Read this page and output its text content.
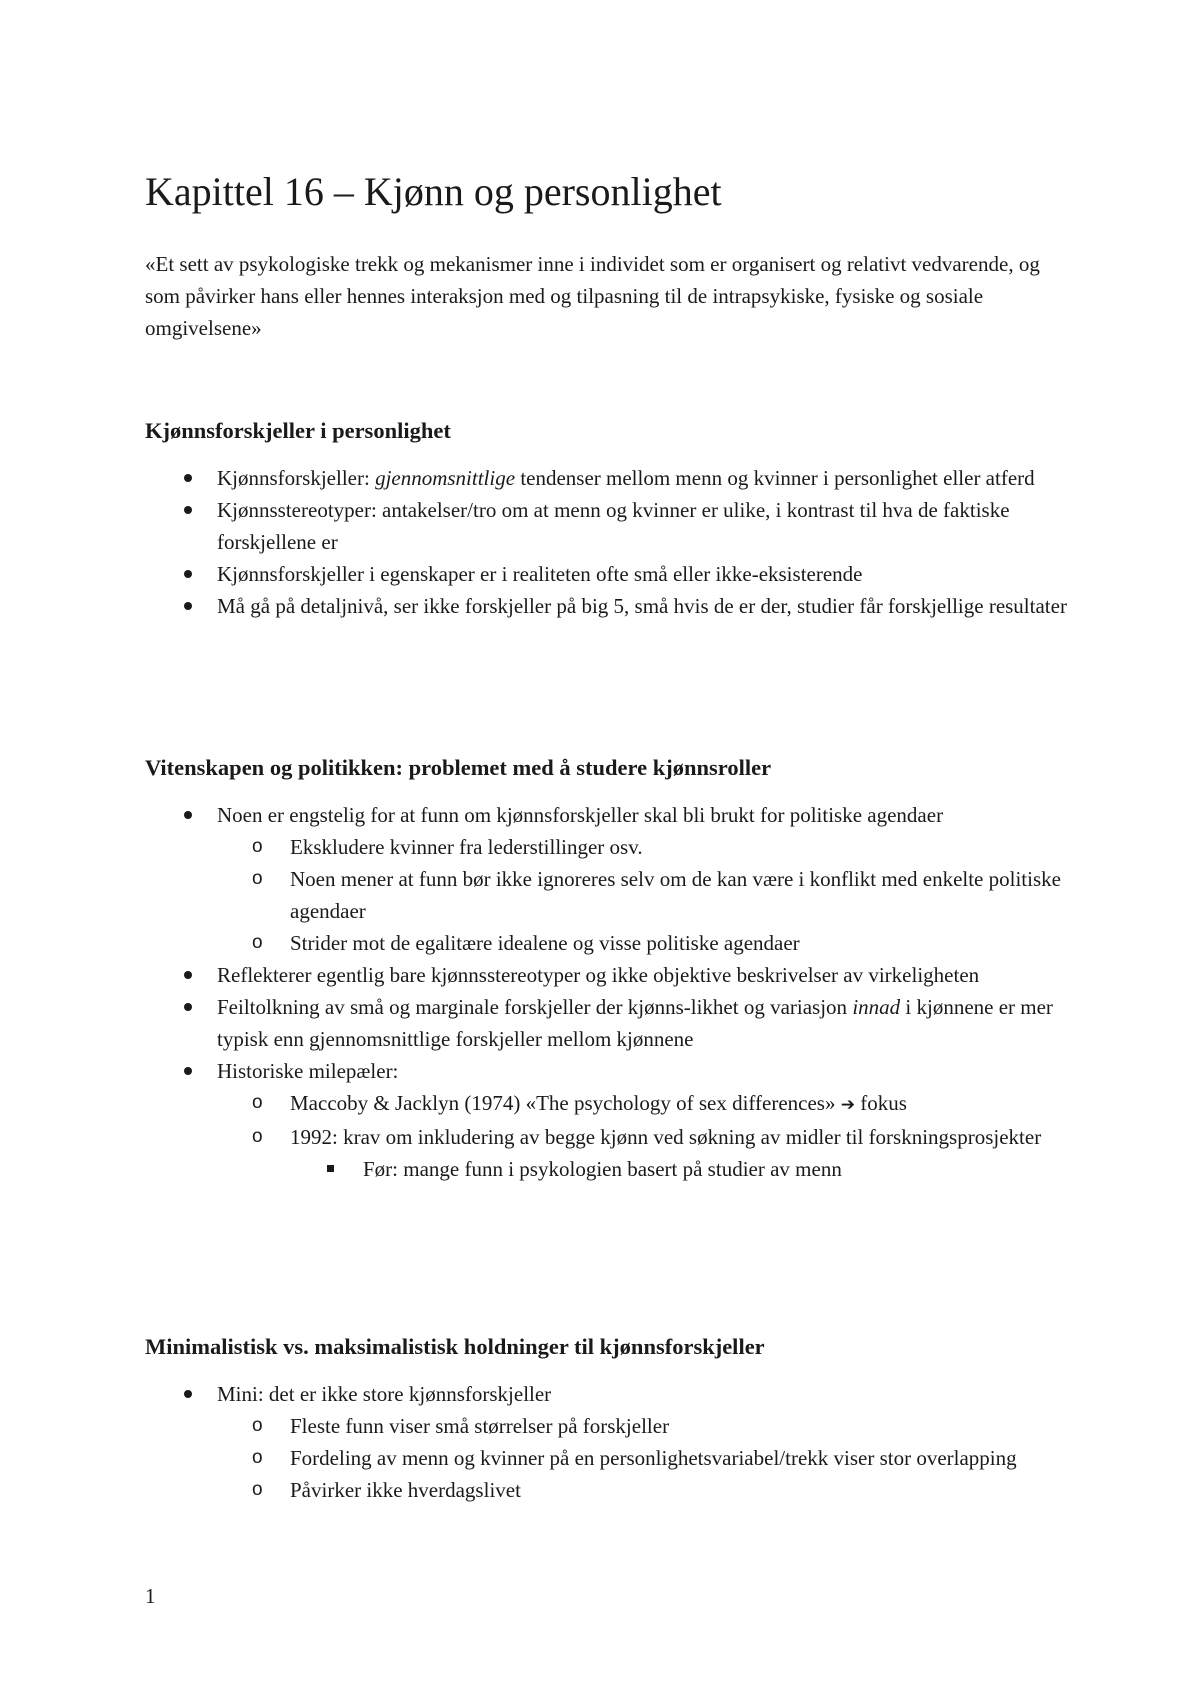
Kapittel 16 – Kjønn og personlighet

«Et sett av psykologiske trekk og mekanismer inne i individet som er organisert og relativt vedvarende, og som påvirker hans eller hennes interaksjon med og tilpasning til de intrapsykiske, fysiske og sosiale omgivelsene»

Kjønnsforskjeller i personlighet
Kjønnsforskjeller: gjennomsnittlige tendenser mellom menn og kvinner i personlighet eller atferd
Kjønnsstereotyper: antakelser/tro om at menn og kvinner er ulike, i kontrast til hva de faktiske forskjellene er
Kjønnsforskjeller i egenskaper er i realiteten ofte små eller ikke-eksisterende
Må gå på detaljnivå, ser ikke forskjeller på big 5, små hvis de er der, studier får forskjellige resultater
Vitenskapen og politikken: problemet med å studere kjønnsroller
Noen er engstelig for at funn om kjønnsforskjeller skal bli brukt for politiske agendaer
o Ekskludere kvinner fra lederstillinger osv.
o Noen mener at funn bør ikke ignoreres selv om de kan være i konflikt med enkelte politiske agendaer
o Strider mot de egalitære idealene og visse politiske agendaer
Reflekterer egentlig bare kjønnsstereotyper og ikke objektive beskrivelser av virkeligheten
Feiltolkning av små og marginale forskjeller der kjønns-likhet og variasjon innad i kjønnene er mer typisk enn gjennomsnittlige forskjeller mellom kjønnene
Historiske milepæler:
o Maccoby & Jacklyn (1974) «The psychology of sex differences» ➔ fokus
o 1992: krav om inkludering av begge kjønn ved søkning av midler til forskningsprosjekter
Før: mange funn i psykologien basert på studier av menn
Minimalistisk vs. maksimalistisk holdninger til kjønnsforskjeller
Mini: det er ikke store kjønnsforskjeller
o Fleste funn viser små størrelser på forskjeller
o Fordeling av menn og kvinner på en personlighetsvariabel/trekk viser stor overlapping
o Påvirker ikke hverdagslivet
1
